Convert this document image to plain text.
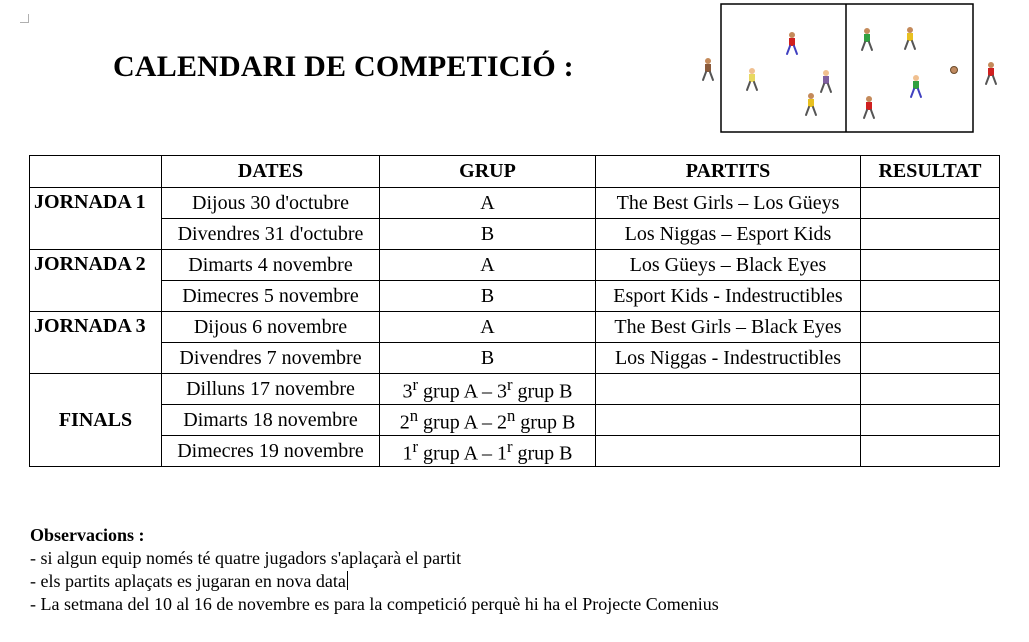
CALENDARI DE COMPETICIÓ :
	DATES	GRUP	PARTITS	RESULTAT
JORNADA 1	Dijous 30 d'octubre	A	The Best Girls – Los Güeys	
	Divendres 31 d'octubre	B	Los Niggas – Esport Kids	
JORNADA 2	Dimarts 4 novembre	A	Los Güeys – Black Eyes	
	Dimecres 5 novembre	B	Esport Kids - Indestructibles	
JORNADA 3	Dijous 6 novembre	A	The Best Girls – Black Eyes	
	Divendres 7 novembre	B	Los Niggas - Indestructibles	
FINALS	Dilluns 17 novembre	3$^r$ grup A – 3$^r$ grup B		
	Dimarts 18 novembre	2$^n$ grup A – 2$^n$ grup B		
	Dimecres 19 novembre	1$^r$ grup A – 1$^r$ grup B		
Observacions :
- si algun equip només té quatre jugadors s'aplaçarà el partit
- els partits aplaçats es jugaran en nova data
- La setmana del 10 al 16 de novembre es para la competició perquè hi ha el Projecte Comenius
